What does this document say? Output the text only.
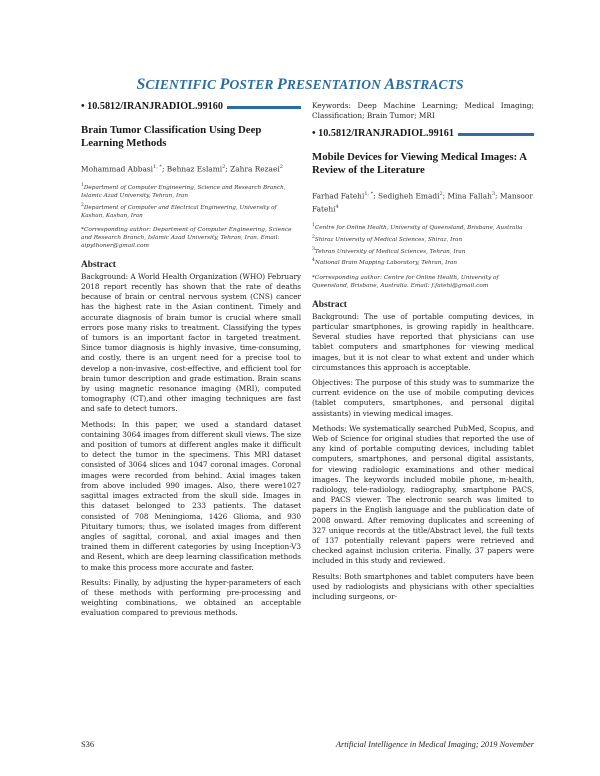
SCIENTIFIC POSTER PRESENTATION ABSTRACTS
• 10.5812/IRANJRADIOL.99160
Brain Tumor Classification Using Deep Learning Methods
Mohammad Abbasi$^{1, *}$; Behnaz Eslami$^2$; Zahra Rezaei$^2$
$^1$Department of Computer Engineering, Science and Research Branch, Islamic Azad University, Tehran, Iran
$^2$Department of Computer and Electrical Engineering, University of Kashan, Kashan, Iran
*Corresponding author: Department of Computer Engineering, Science and Research Branch, Islamic Azad University, Tehran, Iran. Email: aipythoner@gmail.com
Abstract

Background: A World Health Organization (WHO) February 2018 report recently has shown that the rate of deaths because of brain or central nervous system (CNS) cancer has the highest rate in the Asian continent. Timely and accurate diagnosis of brain tumor is crucial where small errors pose many risks to treatment. Classifying the types of tumors is an important factor in targeted treatment. Since tumor diagnosis is highly invasive, time-consuming, and costly, there is an urgent need for a precise tool to develop a non-invasive, cost-effective, and efficient tool for brain tumor description and grade estimation. Brain scans by using magnetic resonance imaging (MRI), computed tomography (CT),and other imaging techniques are fast and safe to detect tumors.

Methods: In this paper, we used a standard dataset containing 3064 images from different skull views. The size and position of tumors at different angles make it difficult to detect the tumor in the specimens. This MRI dataset consisted of 3064 slices and 1047 coronal images. Coronal images were recorded from behind. Axial images taken from above included 990 images. Also, there were1027 sagittal images extracted from the skull side. Images in this dataset belonged to 233 patients. The dataset consisted of 708 Meningioma, 1426 Glioma, and 930 Pituitary tumors; thus, we isolated images from different angles of sagittal, coronal, and axial images and then trained them in different categories by using Inception-V3 and Resent, which are deep learning classification methods to make this process more accurate and faster.

Results: Finally, by adjusting the hyper-parameters of each of these methods with performing pre-processing and weighting combinations, we obtained an acceptable evaluation compared to previous methods.

Keywords: Deep Machine Learning; Medical Imaging; Classification; Brain Tumor; MRI

• 10.5812/IRANJRADIOL.99161
Mobile Devices for Viewing Medical Images: A Review of the Literature
Farhad Fatehi$^{1, *}$; Sedigheh Emadi$^2$; Mina Fallah$^3$; Mansoor Fatehi$^4$
$^1$Centre for Online Health, University of Queensland, Brisbane, Australia
$^2$Shiraz University of Medical Sciences, Shiraz, Iran
$^3$Tehran University of Medical Sciences, Tehran, Iran
$^4$National Brain Mapping Laboratory, Tehran, Iran
*Corresponding author: Centre for Online Health, University of Queensland, Brisbane, Australia. Email: f.fatehi@gmail.com
Abstract

Background: The use of portable computing devices, in particular smartphones, is growing rapidly in healthcare. Several studies have reported that physicians can use tablet computers and smartphones for viewing medical images, but it is not clear to what extent and under which circumstances this approach is acceptable.

Objectives: The purpose of this study was to summarize the current evidence on the use of mobile computing devices (tablet computers, smartphones, and personal digital assistants) in viewing medical images.

Methods: We systematically searched PubMed, Scopus, and Web of Science for original studies that reported the use of any kind of portable computing devices, including tablet computers, smartphones, and personal digital assistants, for viewing radiologic examinations and other medical images. The keywords included mobile phone, m-health, radiology, tele-radiology, radiography, smartphone PACS, and PACS viewer. The electronic search was limited to papers in the English language and the publication date of 2008 onward. After removing duplicates and screening of 327 unique records at the title/Abstract level, the full texts of 137 potentially relevant papers were retrieved and checked against inclusion criteria. Finally, 37 papers were included in this study and reviewed.

Results: Both smartphones and tablet computers have been used by radiologists and physicians with other specialties including surgeons, or-

S36	Artificial Intelligence in Medical Imaging; 2019 November
